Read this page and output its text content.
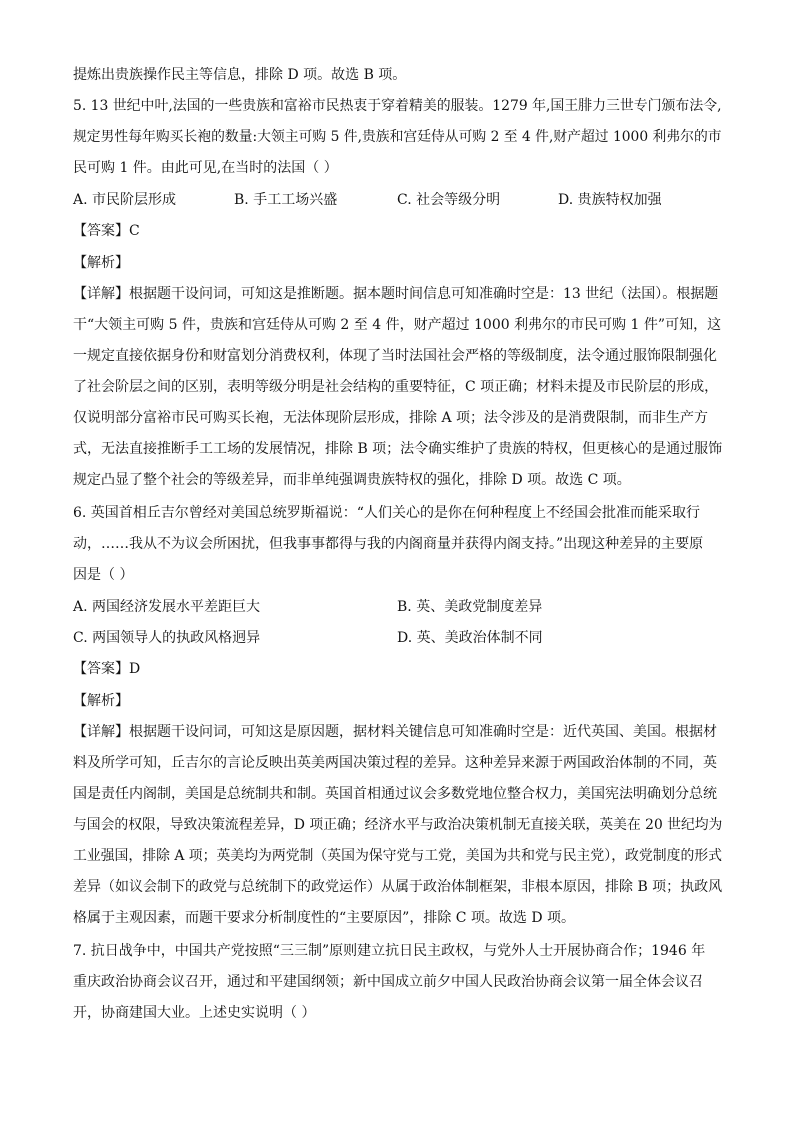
提炼出贵族操作民主等信息，排除 D 项。故选 B 项。
5. 13 世纪中叶,法国的一些贵族和富裕市民热衷于穿着精美的服装。1279 年,国王腓力三世专门颁布法令,
规定男性每年购买长袍的数量:大领主可购 5 件,贵族和宫廷侍从可购 2 至 4 件,财产超过 1000 利弗尔的市
民可购 1 件。由此可见,在当时的法国（ ）
A. 市民阶层形成	B. 手工工场兴盛	C. 社会等级分明	D. 贵族特权加强
【答案】C
【解析】
【详解】根据题干设问词，可知这是推断题。据本题时间信息可知准确时空是：13 世纪（法国）。根据题
干“大领主可购 5 件，贵族和宫廷侍从可购 2 至 4 件，财产超过 1000 利弗尔的市民可购 1 件”可知，这
一规定直接依据身份和财富划分消费权利，体现了当时法国社会严格的等级制度，法令通过服饰限制强化
了社会阶层之间的区别，表明等级分明是社会结构的重要特征，C 项正确；材料未提及市民阶层的形成，
仅说明部分富裕市民可购买长袍，无法体现阶层形成，排除 A 项；法令涉及的是消费限制，而非生产方
式，无法直接推断手工工场的发展情况，排除 B 项；法令确实维护了贵族的特权，但更核心的是通过服饰
规定凸显了整个社会的等级差异，而非单纯强调贵族特权的强化，排除 D 项。故选 C 项。
6. 英国首相丘吉尔曾经对美国总统罗斯福说：“人们关心的是你在何种程度上不经国会批准而能采取行
动，……我从不为议会所困扰，但我事事都得与我的内阁商量并获得内阁支持。”出现这种差异的主要原
因是（ ）
A. 两国经济发展水平差距巨大	B. 英、美政党制度差异
C. 两国领导人的执政风格迥异	D. 英、美政治体制不同
【答案】D
【解析】
【详解】根据题干设问词，可知这是原因题，据材料关键信息可知准确时空是：近代英国、美国。根据材
料及所学可知，丘吉尔的言论反映出英美两国决策过程的差异。这种差异来源于两国政治体制的不同，英
国是责任内阁制，美国是总统制共和制。英国首相通过议会多数党地位整合权力，美国宪法明确划分总统
与国会的权限，导致决策流程差异，D 项正确；经济水平与政治决策机制无直接关联，英美在 20 世纪均为
工业强国，排除 A 项；英美均为两党制（英国为保守党与工党，美国为共和党与民主党），政党制度的形式
差异（如议会制下的政党与总统制下的政党运作）从属于政治体制框架，非根本原因，排除 B 项；执政风
格属于主观因素，而题干要求分析制度性的“主要原因”，排除 C 项。故选 D 项。
7. 抗日战争中，中国共产党按照“三三制”原则建立抗日民主政权，与党外人士开展协商合作；1946 年
重庆政治协商会议召开，通过和平建国纲领；新中国成立前夕中国人民政治协商会议第一届全体会议召
开，协商建国大业。上述史实说明（ ）
